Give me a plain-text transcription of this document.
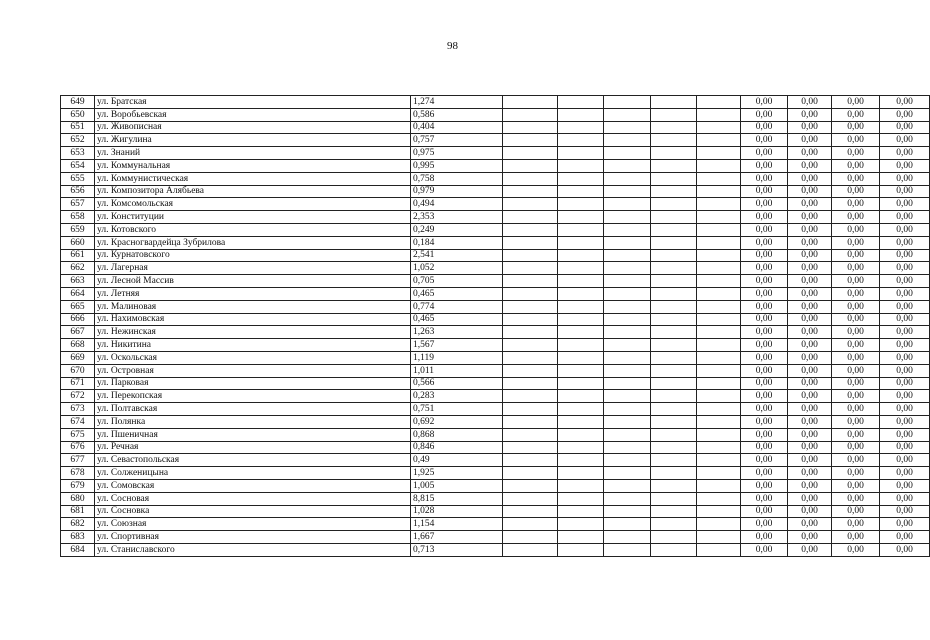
98
649	ул. Братская	1,274						0,00	0,00	0,00	0,00
650	ул. Воробьевская	0,586						0,00	0,00	0,00	0,00
651	ул. Живописная	0,404						0,00	0,00	0,00	0,00
652	ул. Жигулина	0,757						0,00	0,00	0,00	0,00
653	ул. Знаний	0,975						0,00	0,00	0,00	0,00
654	ул. Коммунальная	0,995						0,00	0,00	0,00	0,00
655	ул. Коммунистическая	0,758						0,00	0,00	0,00	0,00
656	ул. Композитора Алябьева	0,979						0,00	0,00	0,00	0,00
657	ул. Комсомольская	0,494						0,00	0,00	0,00	0,00
658	ул. Конституции	2,353						0,00	0,00	0,00	0,00
659	ул. Котовского	0,249						0,00	0,00	0,00	0,00
660	ул. Красногвардейца Зубрилова	0,184						0,00	0,00	0,00	0,00
661	ул. Курнатовского	2,541						0,00	0,00	0,00	0,00
662	ул. Лагерная	1,052						0,00	0,00	0,00	0,00
663	ул. Лесной Массив	0,705						0,00	0,00	0,00	0,00
664	ул. Летняя	0,465						0,00	0,00	0,00	0,00
665	ул. Малиновая	0,774						0,00	0,00	0,00	0,00
666	ул. Нахимовская	0,465						0,00	0,00	0,00	0,00
667	ул. Нежинская	1,263						0,00	0,00	0,00	0,00
668	ул. Никитина	1,567						0,00	0,00	0,00	0,00
669	ул. Оскольская	1,119						0,00	0,00	0,00	0,00
670	ул. Островная	1,011						0,00	0,00	0,00	0,00
671	ул. Парковая	0,566						0,00	0,00	0,00	0,00
672	ул. Перекопская	0,283						0,00	0,00	0,00	0,00
673	ул. Полтавская	0,751						0,00	0,00	0,00	0,00
674	ул. Полянка	0,692						0,00	0,00	0,00	0,00
675	ул. Пшеничная	0,868						0,00	0,00	0,00	0,00
676	ул. Речная	0,846						0,00	0,00	0,00	0,00
677	ул. Севастопольская	0,49						0,00	0,00	0,00	0,00
678	ул. Солженицына	1,925						0,00	0,00	0,00	0,00
679	ул. Сомовская	1,005						0,00	0,00	0,00	0,00
680	ул. Сосновая	8,815						0,00	0,00	0,00	0,00
681	ул. Сосновка	1,028						0,00	0,00	0,00	0,00
682	ул. Союзная	1,154						0,00	0,00	0,00	0,00
683	ул. Спортивная	1,667						0,00	0,00	0,00	0,00
684	ул. Станиславского	0,713						0,00	0,00	0,00	0,00
